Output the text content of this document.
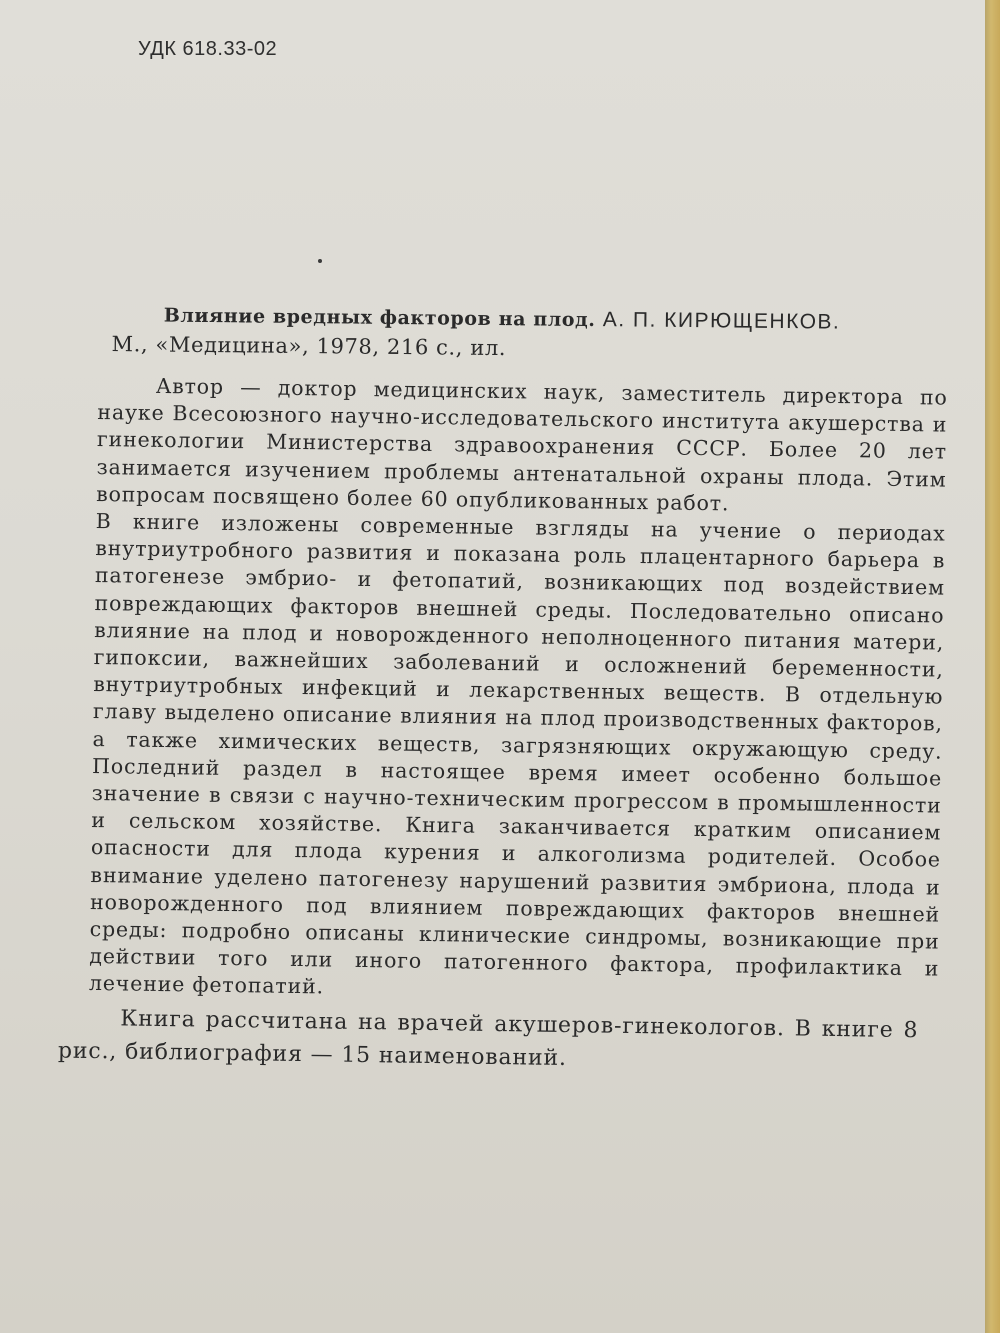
УДК 618.33-02

Влияние вредных факторов на плод. А. П. КИРЮЩЕНКОВ.
М., «Медицина», 1978, 216 с., ил.

Автор — доктор медицинских наук, заместитель директора по науке Всесоюзного научно-исследовательского института акушерства и гинекологии Министерства здравоохранения СССР. Более 20 лет занимается изучением проблемы антенатальной охраны плода. Этим вопросам посвящено более 60 опубликованных работ.

В книге изложены современные взгляды на учение о периодах внутриутробного развития и показана роль плацентарного барьера в патогенезе эмбрио- и фетопатий, возникающих под воздействием повреждающих факторов внешней среды. Последовательно описано влияние на плод и новорожденного неполноценного питания матери, гипоксии, важнейших заболеваний и осложнений беременности, внутриутробных инфекций и лекарственных веществ. В отдельную главу выделено описание влияния на плод производственных факторов, а также химических веществ, загрязняющих окружающую среду. Последний раздел в настоящее время имеет особенно большое значение в связи с научно-техническим прогрессом в промышленности и сельском хозяйстве. Книга заканчивается кратким описанием опасности для плода курения и алкоголизма родителей. Особое внимание уделено патогенезу нарушений развития эмбриона, плода и новорожденного под влиянием повреждающих факторов внешней среды: подробно описаны клинические синдромы, возникающие при действии того или иного патогенного фактора, профилактика и лечение фетопатий.

Книга рассчитана на врачей акушеров-гинекологов. В книге 8 рис., библиография — 15 наименований.
